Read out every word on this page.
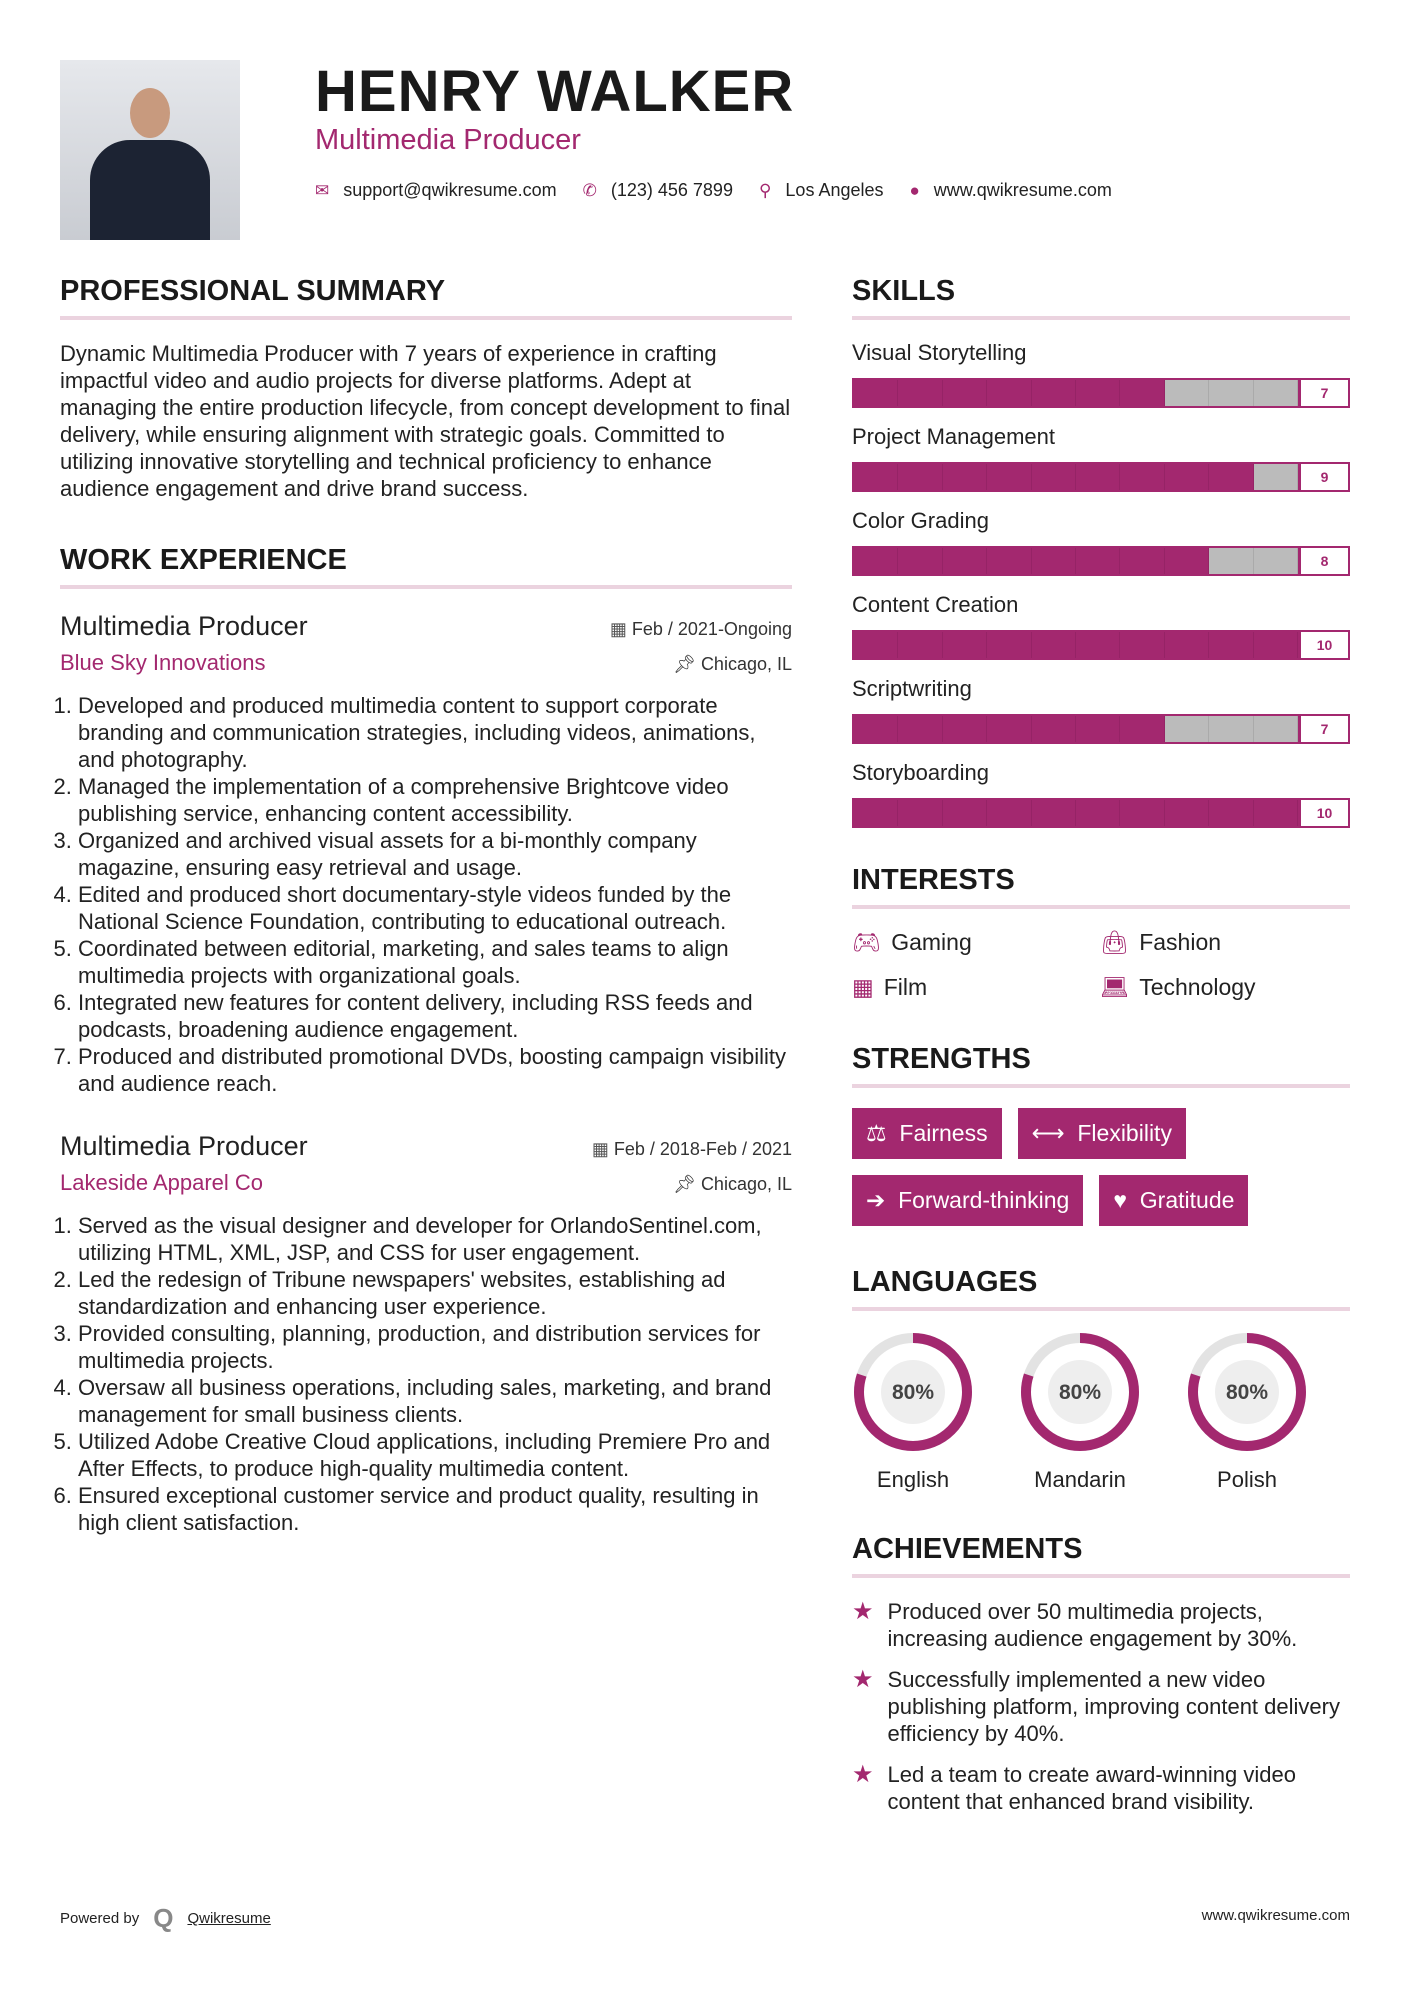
HENRY WALKER
Multimedia Producer
✉ support@qwikresume.com ✆ (123) 456 7899 ⚲ Los Angeles ● www.qwikresume.com
PROFESSIONAL SUMMARY

Dynamic Multimedia Producer with 7 years of experience in crafting impactful video and audio projects for diverse platforms. Adept at managing the entire production lifecycle, from concept development to final delivery, while ensuring alignment with strategic goals. Committed to utilizing innovative storytelling and technical proficiency to enhance audience engagement and drive brand success.

WORK EXPERIENCE
Multimedia Producer	▦ Feb / 2021-Ongoing
Blue Sky Innovations	📌︎ Chicago, IL
1. Developed and produced multimedia content to support corporate branding and communication strategies, including videos, animations, and photography.
2. Managed the implementation of a comprehensive Brightcove video publishing service, enhancing content accessibility.
3. Organized and archived visual assets for a bi-monthly company magazine, ensuring easy retrieval and usage.
4. Edited and produced short documentary-style videos funded by the National Science Foundation, contributing to educational outreach.
5. Coordinated between editorial, marketing, and sales teams to align multimedia projects with organizational goals.
6. Integrated new features for content delivery, including RSS feeds and podcasts, broadening audience engagement.
7. Produced and distributed promotional DVDs, boosting campaign visibility and audience reach.
Multimedia Producer	▦ Feb / 2018-Feb / 2021
Lakeside Apparel Co	📌︎ Chicago, IL
1. Served as the visual designer and developer for OrlandoSentinel.com, utilizing HTML, XML, JSP, and CSS for user engagement.
2. Led the redesign of Tribune newspapers' websites, establishing ad standardization and enhancing user experience.
3. Provided consulting, planning, production, and distribution services for multimedia projects.
4. Oversaw all business operations, including sales, marketing, and brand management for small business clients.
5. Utilized Adobe Creative Cloud applications, including Premiere Pro and After Effects, to produce high-quality multimedia content.
6. Ensured exceptional customer service and product quality, resulting in high client satisfaction.
SKILLS
Visual Storytelling
7
Project Management
9
Color Grading
8
Content Creation
10
Scriptwriting
7
Storyboarding
10
INTERESTS
🎮︎ Gaming	👜︎ Fashion
▦ Film	💻︎ Technology
STRENGTHS
⚖ Fairness	⟷ Flexibility
➔ Forward-thinking	♥ Gratitude
LANGUAGES
80%
English
80%
Mandarin
80%
Polish
ACHIEVEMENTS
★ Produced over 50 multimedia projects, increasing audience engagement by 30%.
★ Successfully implemented a new video publishing platform, improving content delivery efficiency by 40%.
★ Led a team to create award-winning video content that enhanced brand visibility.
Powered by Q Qwikresume	www.qwikresume.com
